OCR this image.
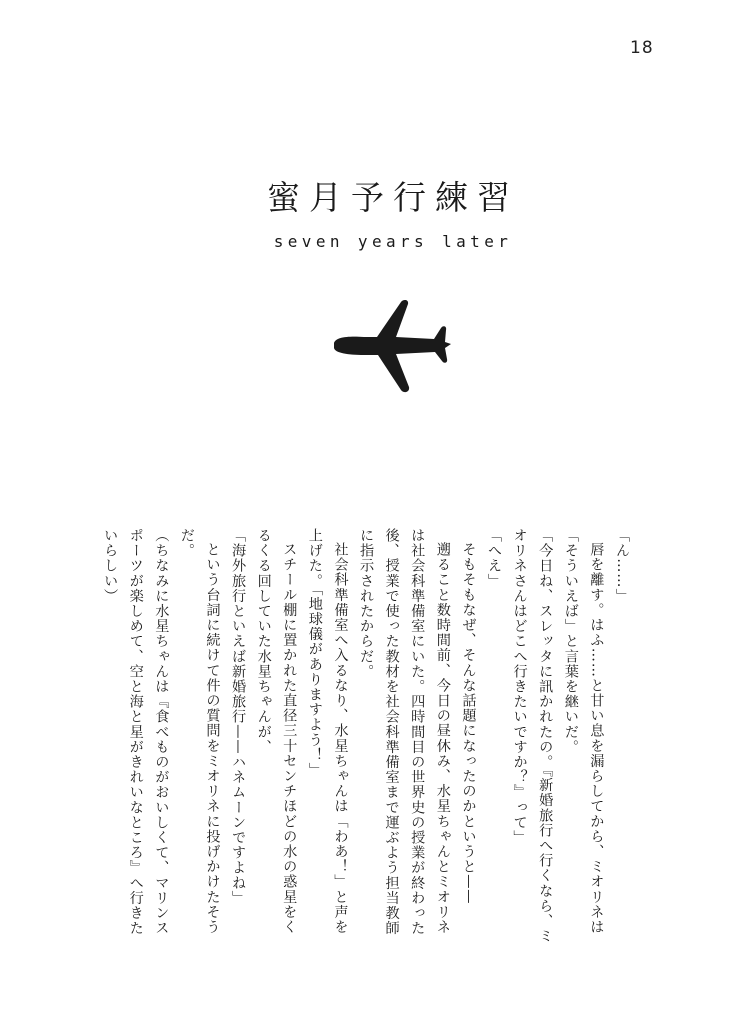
18
蜜月予行練習
seven years later

「ん……」

唇を離す。はふ……と甘い息を漏らしてから、ミオリネは

「そういえば」と言葉を継いだ。

「今日ね、スレッタに訊かれたの。『新婚旅行へ行くなら、ミオリネさんはどこへ行きたいですか？』って」

「へえ」

そもそもなぜ、そんな話題になったのかというと——

遡ること数時間前、今日の昼休み、水星ちゃんとミオリネは社会科準備室にいた。四時間目の世界史の授業が終わった後、授業で使った教材を社会科準備室まで運ぶよう担当教師に指示されたからだ。

社会科準備室へ入るなり、水星ちゃんは「わあ！」と声を上げた。「地球儀がありますよう！」

スチール棚に置かれた直径三十センチほどの水の惑星をくるくる回していた水星ちゃんが、

「海外旅行といえば新婚旅行——ハネムーンですよね」

という台詞に続けて件の質問をミオリネに投げかけたそうだ。

（ちなみに水星ちゃんは『食べものがおいしくて、マリンスポーツが楽しめて、空と海と星がきれいなところ』へ行きたいらしい）
